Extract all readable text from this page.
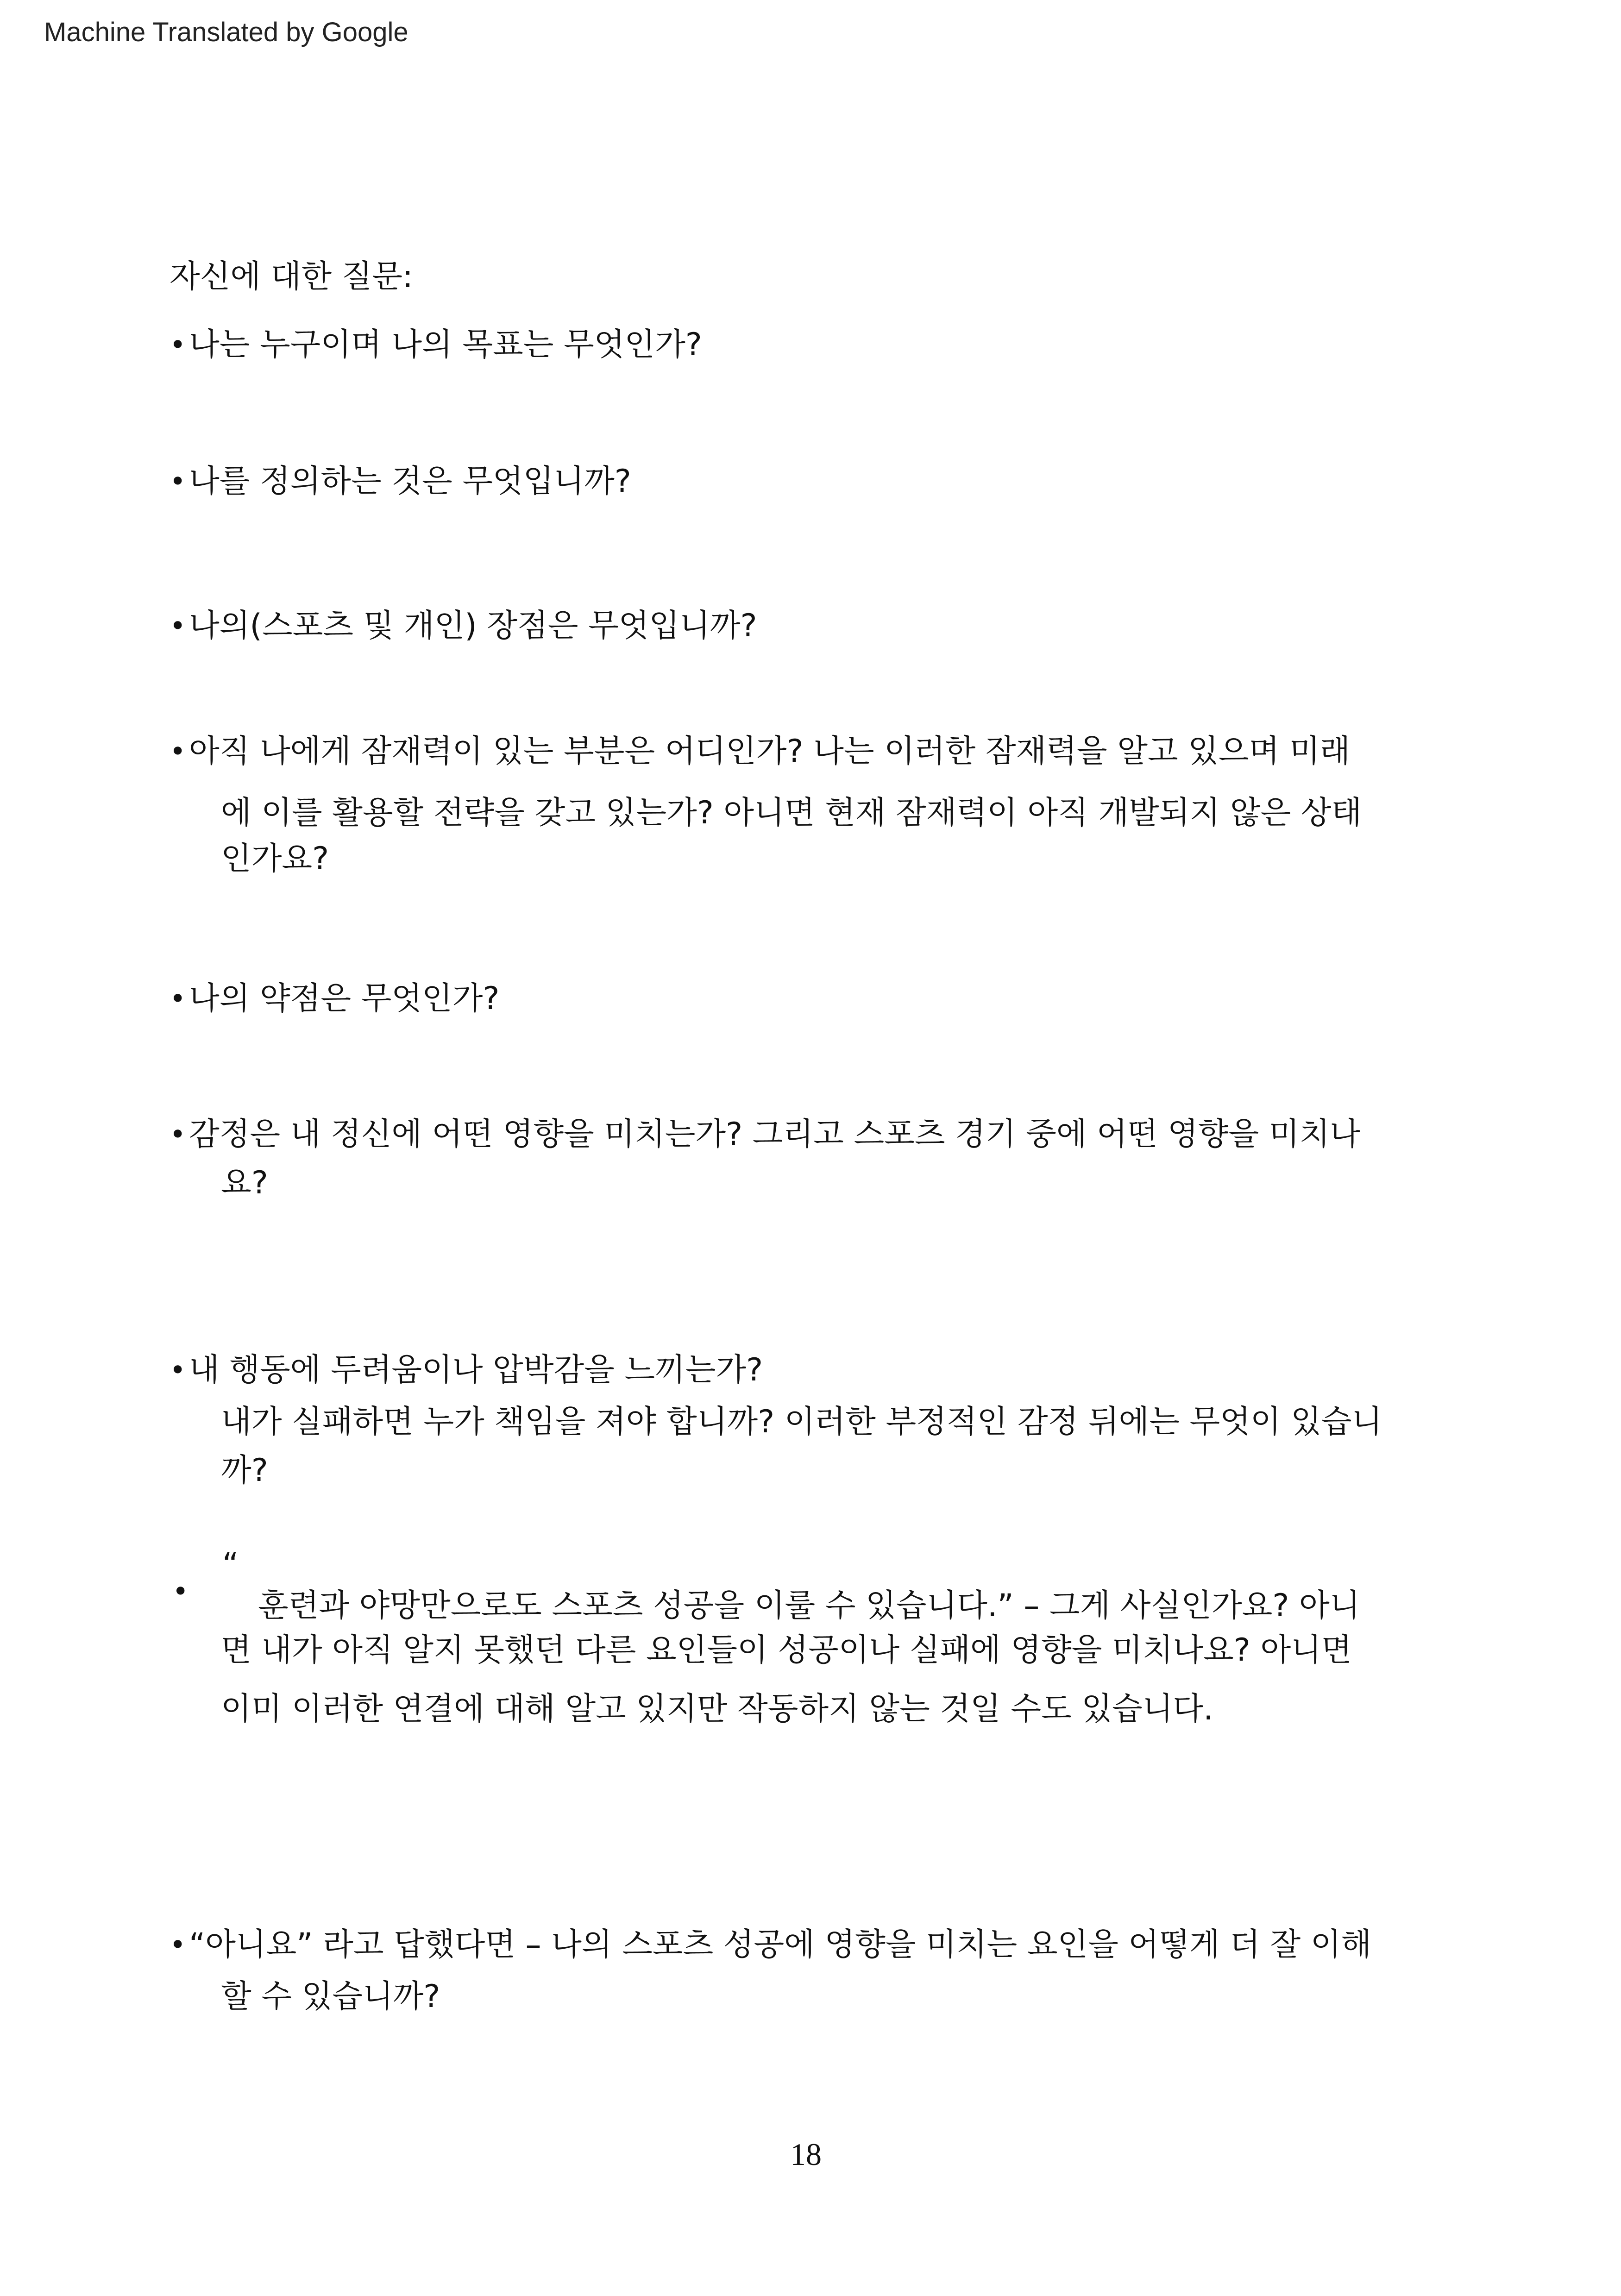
Machine Translated by Google
자신에 대한 질문:
• 나는 누구이며 나의 목표는 무엇인가?
• 나를 정의하는 것은 무엇입니까?
• 나의(스포츠 및 개인) 장점은 무엇입니까?
• 아직 나에게 잠재력이 있는 부분은 어디인가? 나는 이러한 잠재력을 알고 있으며 미래
에 이를 활용할 전략을 갖고 있는가? 아니면 현재 잠재력이 아직 개발되지 않은 상태
인가요?
• 나의 약점은 무엇인가?
• 감정은 내 정신에 어떤 영향을 미치는가? 그리고 스포츠 경기 중에 어떤 영향을 미치나
요?
• 내 행동에 두려움이나 압박감을 느끼는가?
내가 실패하면 누가 책임을 져야 합니까? 이러한 부정적인 감정 뒤에는 무엇이 있습니
까?
•
“
훈련과 야망만으로도 스포츠 성공을 이룰 수 있습니다.” – 그게 사실인가요? 아니
면 내가 아직 알지 못했던 다른 요인들이 성공이나 실패에 영향을 미치나요? 아니면
이미 이러한 연결에 대해 알고 있지만 작동하지 않는 것일 수도 있습니다.
• “아니요” 라고 답했다면 – 나의 스포츠 성공에 영향을 미치는 요인을 어떻게 더 잘 이해
할 수 있습니까?
18
